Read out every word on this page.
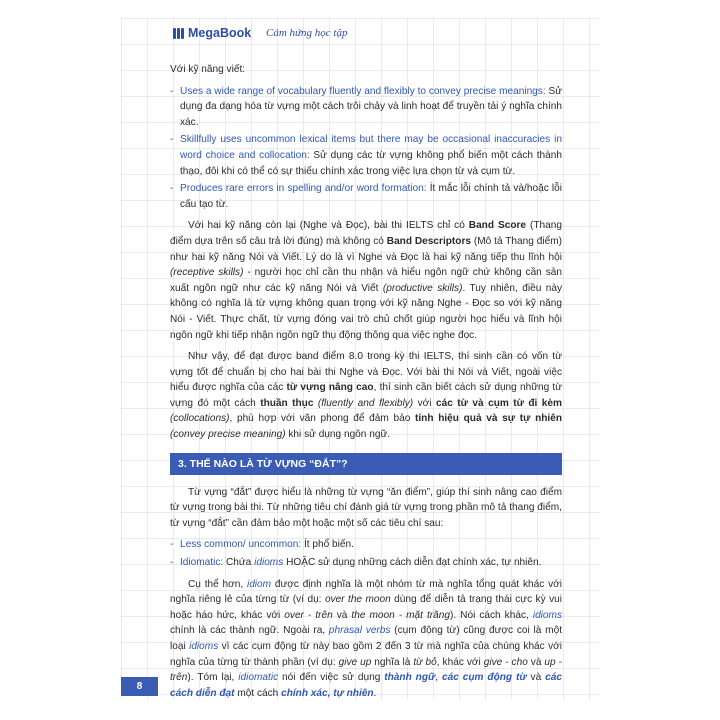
MegaBook Cảm hứng học tập

Với kỹ năng viết:

- Uses a wide range of vocabulary fluently and flexibly to convey precise meanings: Sử dụng đa dạng hóa từ vựng một cách trôi chảy và linh hoạt để truyền tải ý nghĩa chính xác.
- Skillfully uses uncommon lexical items but there may be occasional inaccuracies in word choice and collocation: Sử dụng các từ vựng không phổ biến một cách thành thạo, đôi khi có thể có sự thiếu chính xác trong việc lựa chọn từ và cụm từ.
- Produces rare errors in spelling and/or word formation: Ít mắc lỗi chính tả và/hoặc lỗi cấu tạo từ.

Với hai kỹ năng còn lại (Nghe và Đọc), bài thi IELTS chỉ có Band Score (Thang điểm dựa trên số câu trả lời đúng) mà không có Band Descriptors (Mô tả Thang điểm) như hai kỹ năng Nói và Viết. Lý do là vì Nghe và Đọc là hai kỹ năng tiếp thu lĩnh hội (receptive skills) - người học chỉ cần thu nhận và hiểu ngôn ngữ chứ không cần sản xuất ngôn ngữ như các kỹ năng Nói và Viết (productive skills). Tuy nhiên, điều này không có nghĩa là từ vựng không quan trọng với kỹ năng Nghe - Đọc so với kỹ năng Nói - Viết. Thực chất, từ vựng đóng vai trò chủ chốt giúp người học hiểu và lĩnh hội ngôn ngữ khi tiếp nhận ngôn ngữ thụ động thông qua việc nghe đọc.

Như vậy, để đạt được band điểm 8.0 trong kỳ thi IELTS, thí sinh cần có vốn từ vựng tốt để chuẩn bị cho hai bài thi Nghe và Đọc. Với bài thi Nói và Viết, ngoài việc hiểu được nghĩa của các từ vựng nâng cao, thí sinh cần biết cách sử dụng những từ vựng đó một cách thuần thục (fluently and flexibly) với các từ và cụm từ đi kèm (collocations), phù hợp với văn phong để đảm bảo tính hiệu quả và sự tự nhiên (convey precise meaning) khi sử dụng ngôn ngữ.

3. THẾ NÀO LÀ TỪ VỰNG “ĐẮT”?

Từ vựng “đắt” được hiểu là những từ vựng “ăn điểm”, giúp thí sinh nâng cao điểm từ vựng trong bài thi. Từ những tiêu chí đánh giá từ vựng trong phần mô tả thang điểm, từ vựng “đắt” cần đảm bảo một hoặc một số các tiêu chí sau:

- Less common/ uncommon: Ít phổ biến.
- Idiomatic: Chứa idioms HOẶC sử dụng những cách diễn đạt chính xác, tự nhiên.

Cụ thể hơn, idiom được định nghĩa là một nhóm từ mà nghĩa tổng quát khác với nghĩa riêng lẻ của từng từ (ví dụ: over the moon dùng để diễn tả trạng thái cực kỳ vui hoặc háo hức, khác với over - trên và the moon - mặt trăng). Nói cách khác, idioms chính là các thành ngữ. Ngoài ra, phrasal verbs (cụm động từ) cũng được coi là một loại idioms vì các cụm động từ này bao gồm 2 đến 3 từ mà nghĩa của chúng khác với nghĩa của từng từ thành phần (ví dụ: give up nghĩa là từ bỏ, khác với give - cho và up - trên). Tóm lại, idiomatic nói đến việc sử dụng thành ngữ, các cụm động từ và các cách diễn đạt một cách chính xác, tự nhiên.

8
